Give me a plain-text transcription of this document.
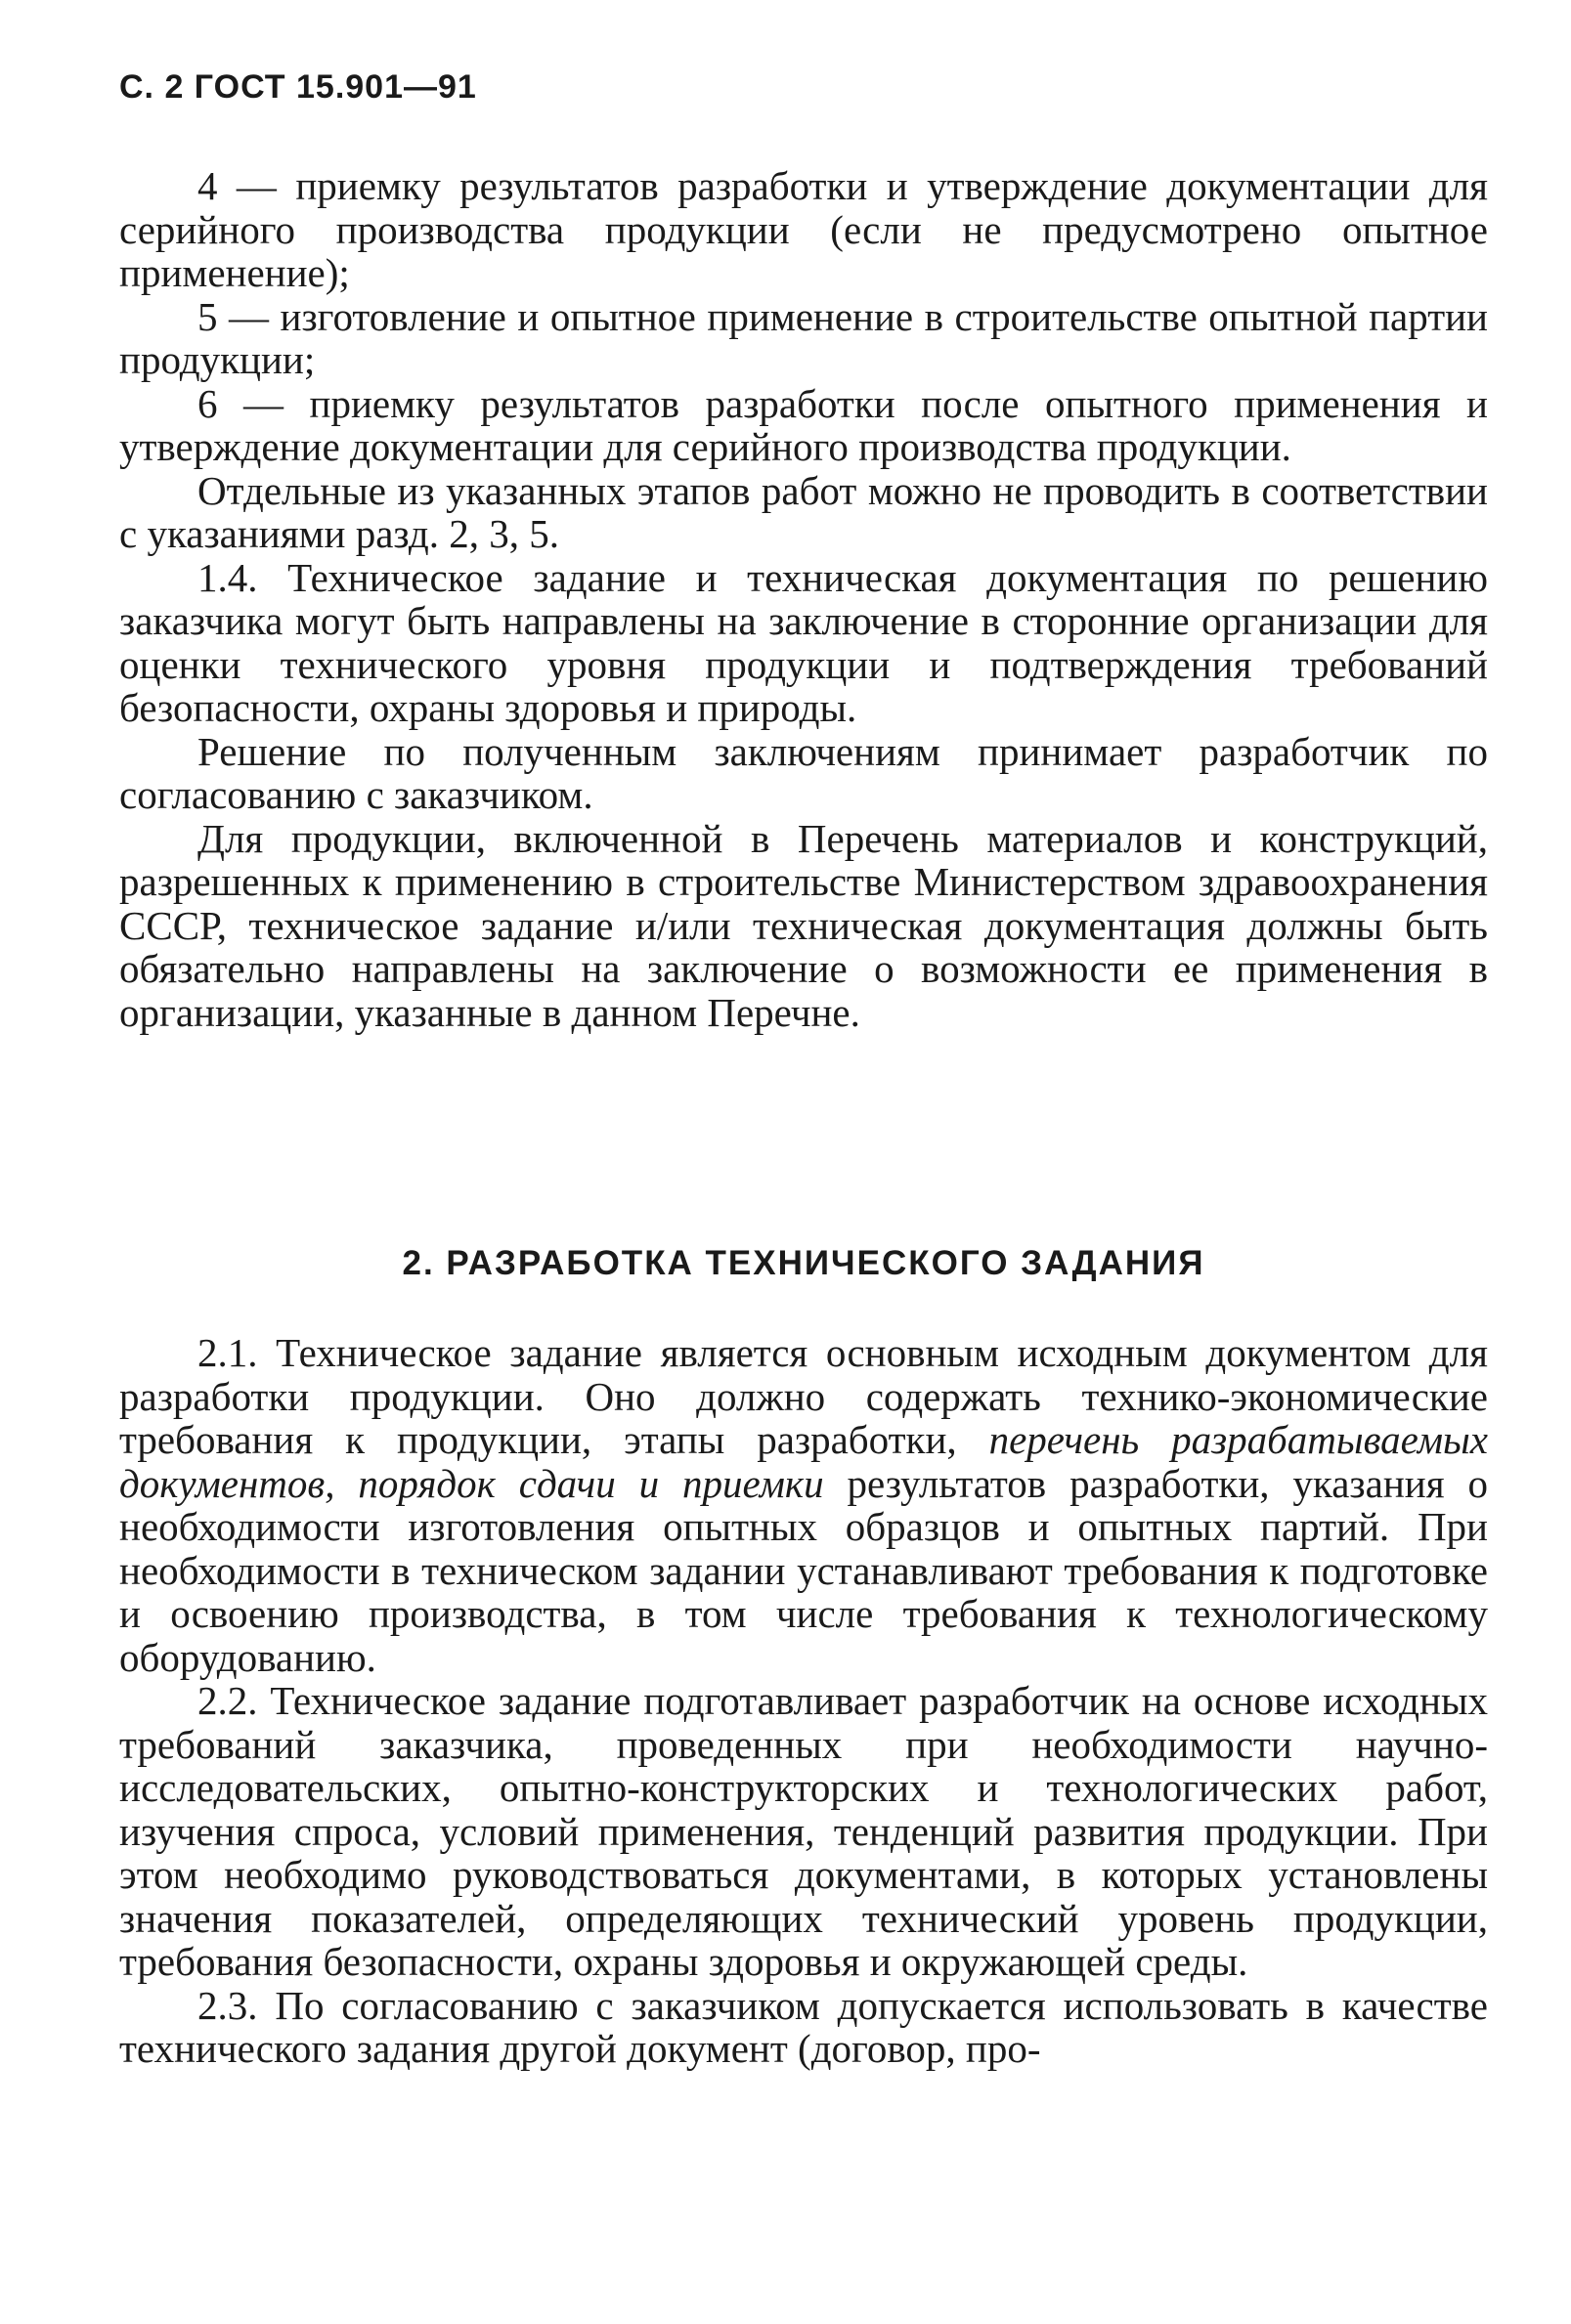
С. 2 ГОСТ 15.901—91

4 — приемку результатов разработки и утверждение документации для серийного производства продукции (если не предусмотрено опытное применение);

5 — изготовление и опытное применение в строительстве опытной партии продукции;

6 — приемку результатов разработки после опытного применения и утверждение документации для серийного производства продукции.

Отдельные из указанных этапов работ можно не проводить в соответствии с указаниями разд. 2, 3, 5.

1.4. Техническое задание и техническая документация по решению заказчика могут быть направлены на заключение в сторонние организации для оценки технического уровня продукции и подтверждения требований безопасности, охраны здоровья и природы.

Решение по полученным заключениям принимает разработчик по согласованию с заказчиком.

Для продукции, включенной в Перечень материалов и конструкций, разрешенных к применению в строительстве Министерством здравоохранения СССР, техническое задание и/или техническая документация должны быть обязательно направлены на заключение о возможности ее применения в организации, указанные в данном Перечне.

2. РАЗРАБОТКА ТЕХНИЧЕСКОГО ЗАДАНИЯ

2.1. Техническое задание является основным исходным документом для разработки продукции. Оно должно содержать технико-экономические требования к продукции, этапы разработки, перечень разрабатываемых документов, порядок сдачи и приемки результатов разработки, указания о необходимости изготовления опытных образцов и опытных партий. При необходимости в техническом задании устанавливают требования к подготовке и освоению производства, в том числе требования к технологическому оборудованию.

2.2. Техническое задание подготавливает разработчик на основе исходных требований заказчика, проведенных при необходимости научно-исследовательских, опытно-конструкторских и технологических работ, изучения спроса, условий применения, тенденций развития продукции. При этом необходимо руководствоваться документами, в которых установлены значения показателей, определяющих технический уровень продукции, требования безопасности, охраны здоровья и окружающей среды.

2.3. По согласованию с заказчиком допускается использовать в качестве технического задания другой документ (договор, про-
